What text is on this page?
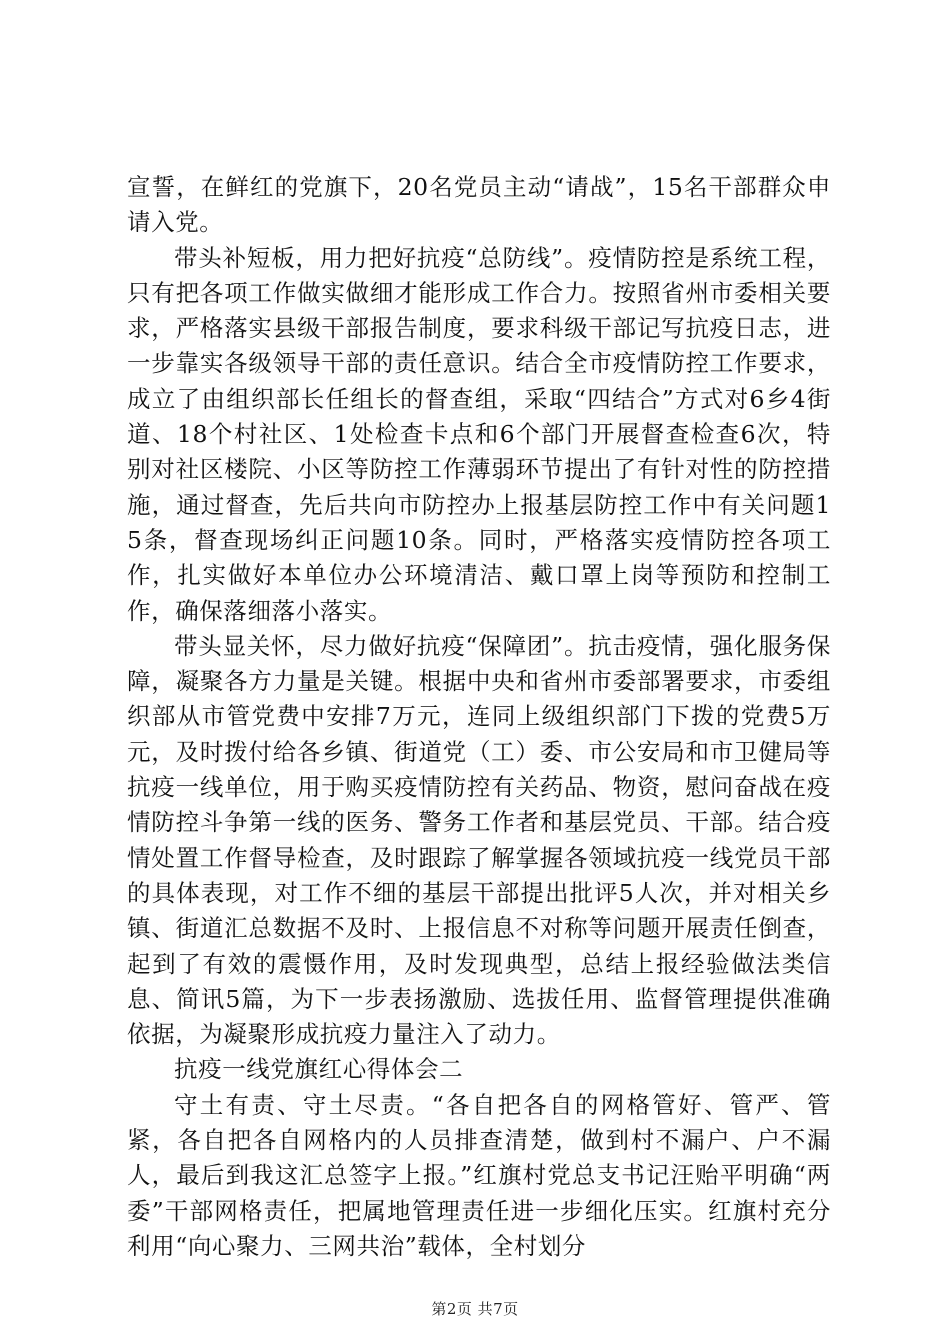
宣誓，在鲜红的党旗下，20名党员主动“请战”，15名干部群众申请入党。

带头补短板，用力把好抗疫“总防线”。疫情防控是系统工程，只有把各项工作做实做细才能形成工作合力。按照省州市委相关要求，严格落实县级干部报告制度，要求科级干部记写抗疫日志，进一步靠实各级领导干部的责任意识。结合全市疫情防控工作要求，成立了由组织部长任组长的督查组，采取“四结合”方式对6乡4街道、18个村社区、1处检查卡点和6个部门开展督查检查6次，特别对社区楼院、小区等防控工作薄弱环节提出了有针对性的防控措施，通过督查，先后共向市防控办上报基层防控工作中有关问题15条，督查现场纠正问题10条。同时，严格落实疫情防控各项工作，扎实做好本单位办公环境清洁、戴口罩上岗等预防和控制工作，确保落细落小落实。

带头显关怀，尽力做好抗疫“保障团”。抗击疫情，强化服务保障，凝聚各方力量是关键。根据中央和省州市委部署要求，市委组织部从市管党费中安排7万元，连同上级组织部门下拨的党费5万元，及时拨付给各乡镇、街道党（工）委、市公安局和市卫健局等抗疫一线单位，用于购买疫情防控有关药品、物资，慰问奋战在疫情防控斗争第一线的医务、警务工作者和基层党员、干部。结合疫情处置工作督导检查，及时跟踪了解掌握各领域抗疫一线党员干部的具体表现，对工作不细的基层干部提出批评5人次，并对相关乡镇、街道汇总数据不及时、上报信息不对称等问题开展责任倒查，起到了有效的震慑作用，及时发现典型，总结上报经验做法类信息、简讯5篇，为下一步表扬激励、选拔任用、监督管理提供准确依据，为凝聚形成抗疫力量注入了动力。

抗疫一线党旗红心得体会二

守土有责、守土尽责。“各自把各自的网格管好、管严、管紧，各自把各自网格内的人员排查清楚，做到村不漏户、户不漏人，最后到我这汇总签字上报。”红旗村党总支书记汪贻平明确“两委”干部网格责任，把属地管理责任进一步细化压实。红旗村充分利用“向心聚力、三网共治”载体，全村划分

第2页 共7页
